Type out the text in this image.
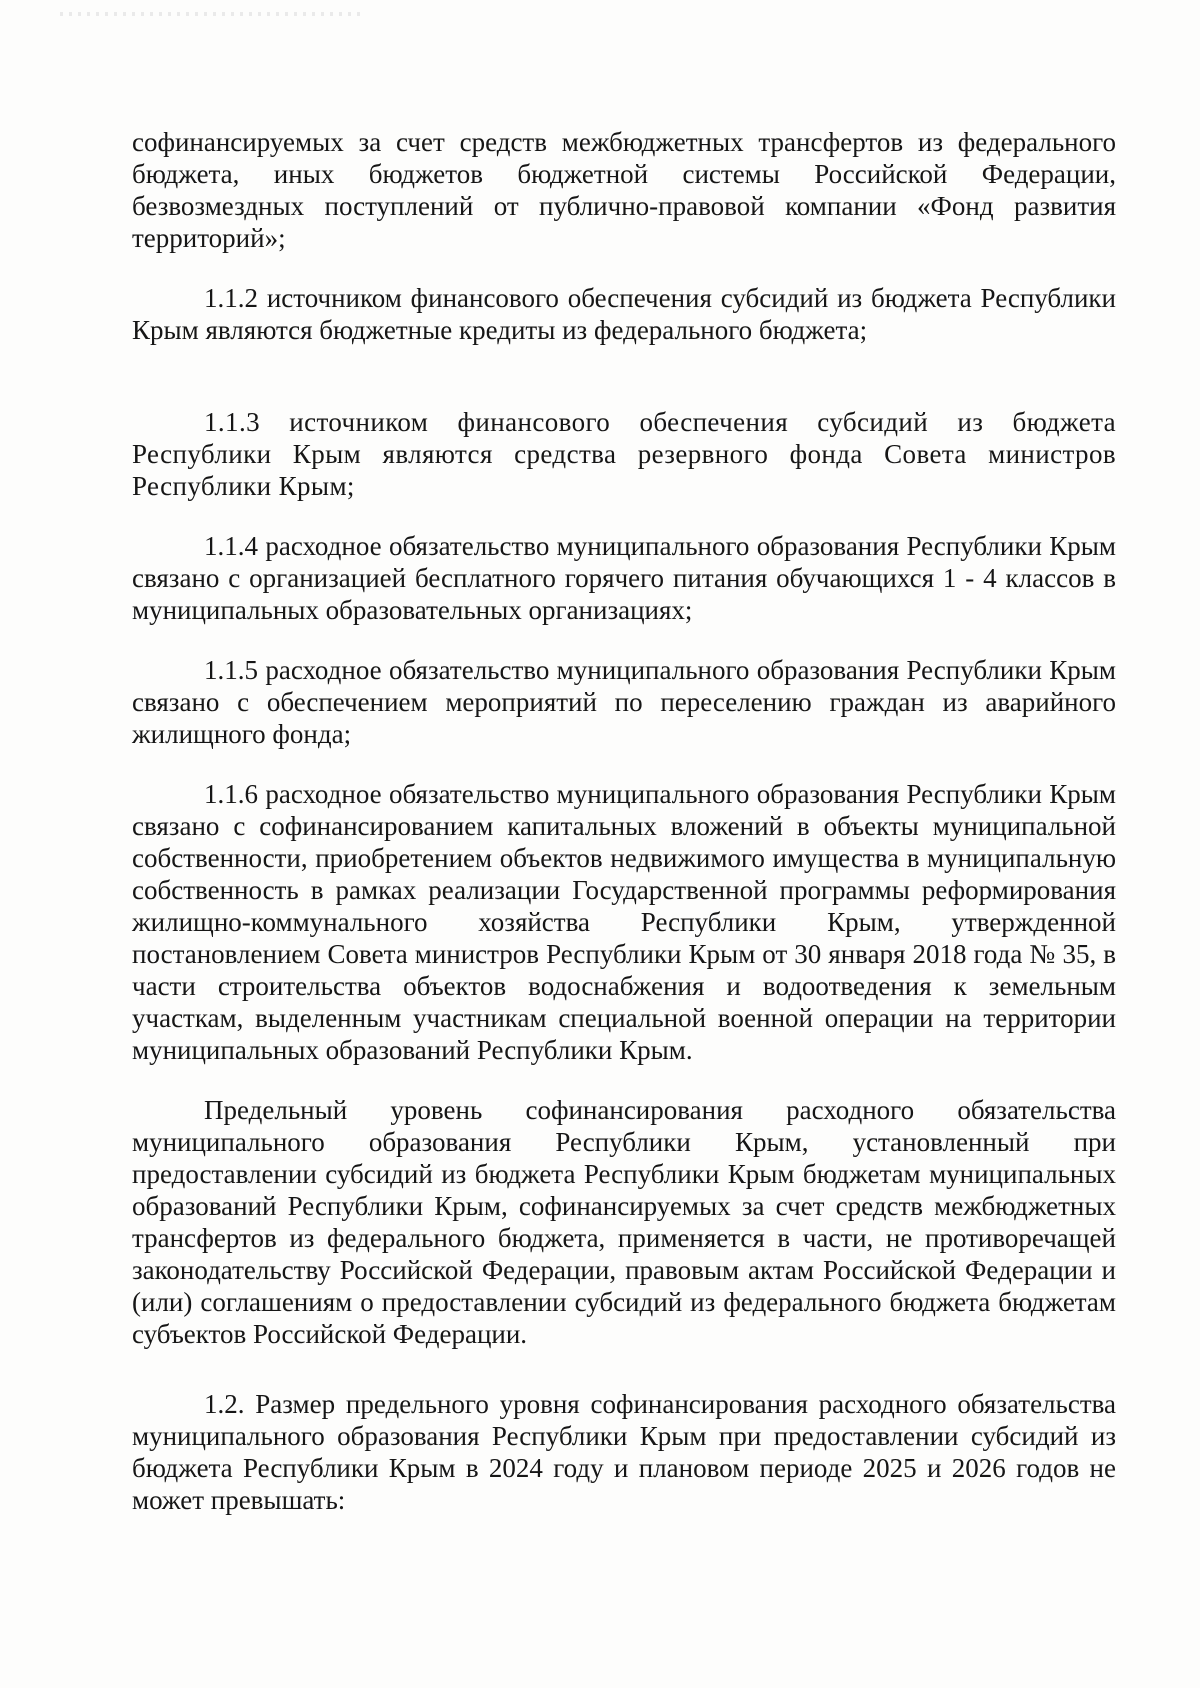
софинансируемых за счет средств межбюджетных трансфертов из федерального бюджета, иных бюджетов бюджетной системы Российской Федерации, безвозмездных поступлений от публично-правовой компании «Фонд развития территорий»;

1.1.2 источником финансового обеспечения субсидий из бюджета Республики Крым являются бюджетные кредиты из федерального бюджета;

1.1.3 источником финансового обеспечения субсидий из бюджета Республики Крым являются средства резервного фонда Совета министров Республики Крым;

1.1.4 расходное обязательство муниципального образования Республики Крым связано с организацией бесплатного горячего питания обучающихся 1 - 4 классов в муниципальных образовательных организациях;

1.1.5 расходное обязательство муниципального образования Республики Крым связано с обеспечением мероприятий по переселению граждан из аварийного жилищного фонда;

1.1.6 расходное обязательство муниципального образования Республики Крым связано с софинансированием капитальных вложений в объекты муниципальной собственности, приобретением объектов недвижимого имущества в муниципальную собственность в рамках реализации Государственной программы реформирования жилищно-коммунального хозяйства Республики Крым, утвержденной постановлением Совета министров Республики Крым от 30 января 2018 года № 35, в части строительства объектов водоснабжения и водоотведения к земельным участкам, выделенным участникам специальной военной операции на территории муниципальных образований Республики Крым.

Предельный уровень софинансирования расходного обязательства муниципального образования Республики Крым, установленный при предоставлении субсидий из бюджета Республики Крым бюджетам муниципальных образований Республики Крым, софинансируемых за счет средств межбюджетных трансфертов из федерального бюджета, применяется в части, не противоречащей законодательству Российской Федерации, правовым актам Российской Федерации и (или) соглашениям о предоставлении субсидий из федерального бюджета бюджетам субъектов Российской Федерации.

1.2. Размер предельного уровня софинансирования расходного обязательства муниципального образования Республики Крым при предоставлении субсидий из бюджета Республики Крым в 2024 году и плановом периоде 2025 и 2026 годов не может превышать:
